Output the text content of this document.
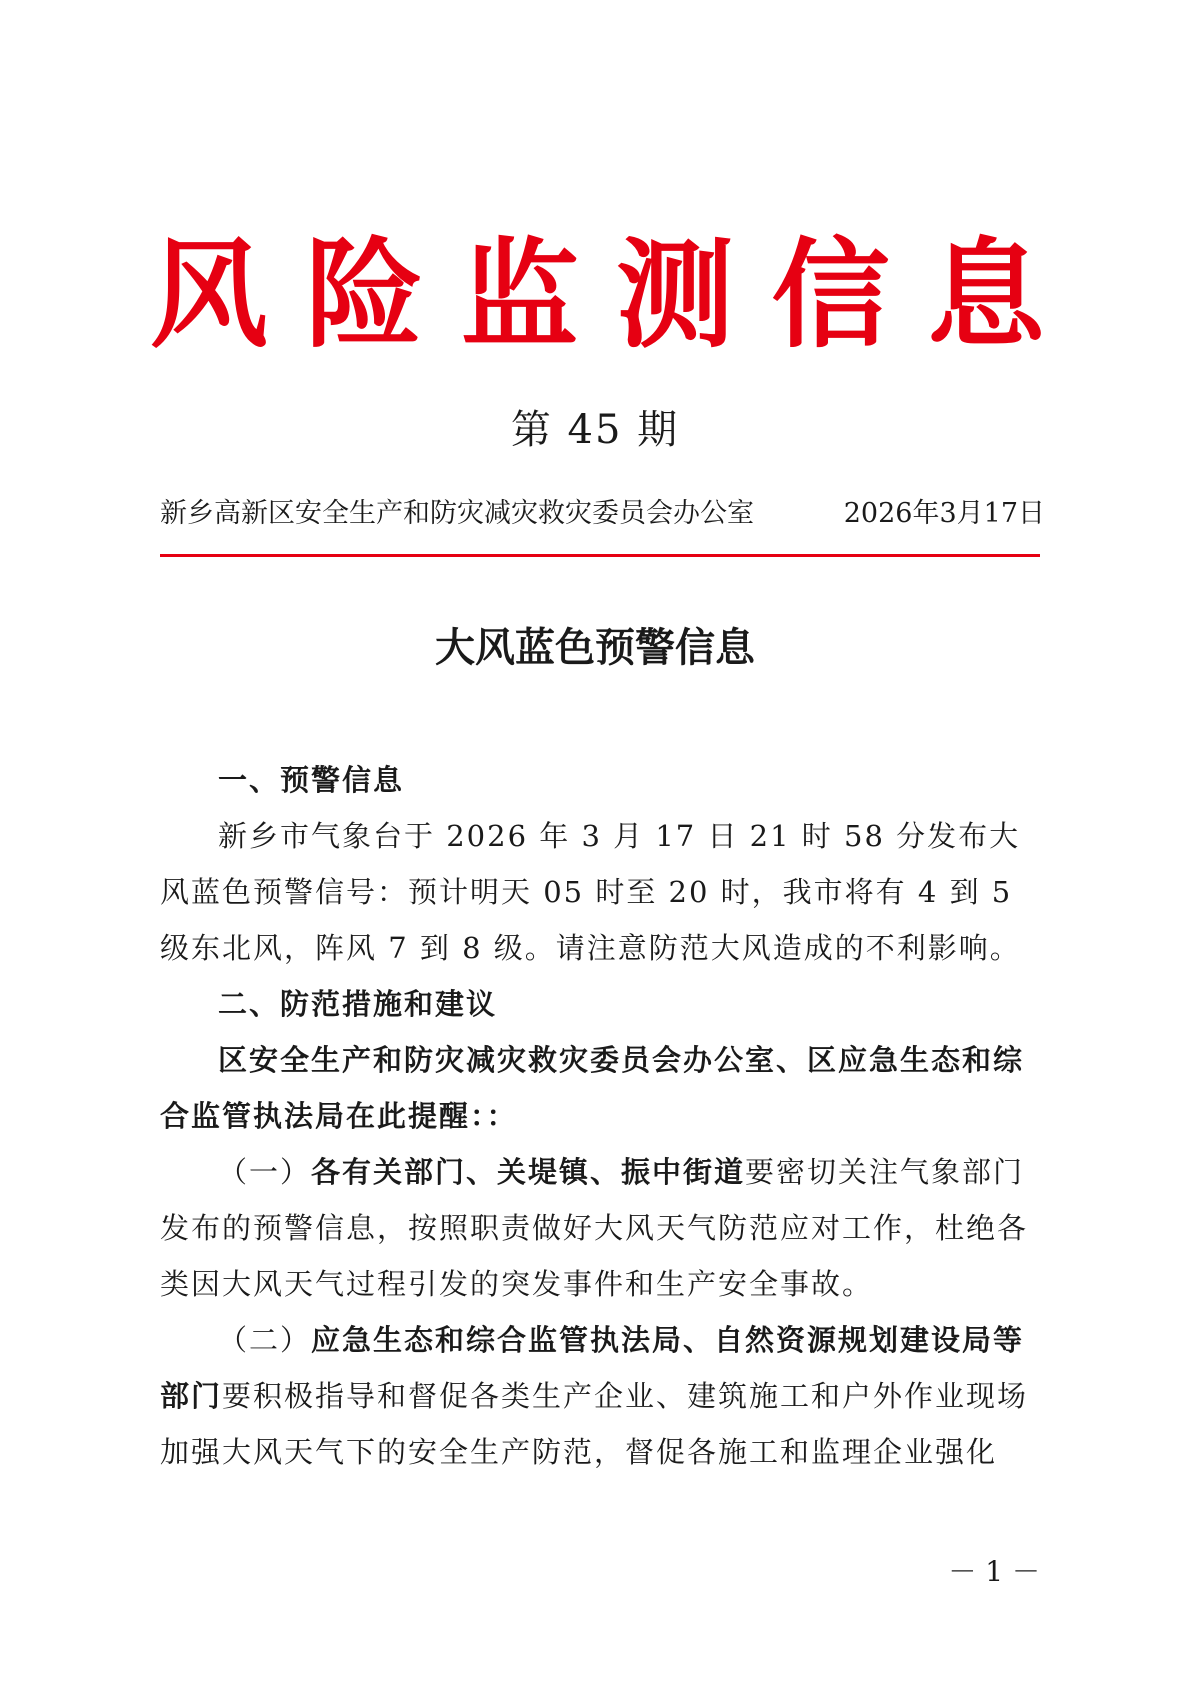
风 险 监 测 信 息
第 45 期
新乡高新区安全生产和防灾减灾救灾委员会办公室	2026年3月17日
大风蓝色预警信息

一、预警信息

新乡市气象台于 2026 年 3 月 17 日 21 时 58 分发布大风蓝色预警信号：预计明天 05 时至 20 时，我市将有 4 到 5 级东北风，阵风 7 到 8 级。请注意防范大风造成的不利影响。

二、防范措施和建议

区安全生产和防灾减灾救灾委员会办公室、区应急生态和综合监管执法局在此提醒：：

（一）各有关部门、关堤镇、振中街道要密切关注气象部门发布的预警信息，按照职责做好大风天气防范应对工作，杜绝各类因大风天气过程引发的突发事件和生产安全事故。

（二）应急生态和综合监管执法局、自然资源规划建设局等部门要积极指导和督促各类生产企业、建筑施工和户外作业现场加强大风天气下的安全生产防范，督促各施工和监理企业强化

－ 1 －
